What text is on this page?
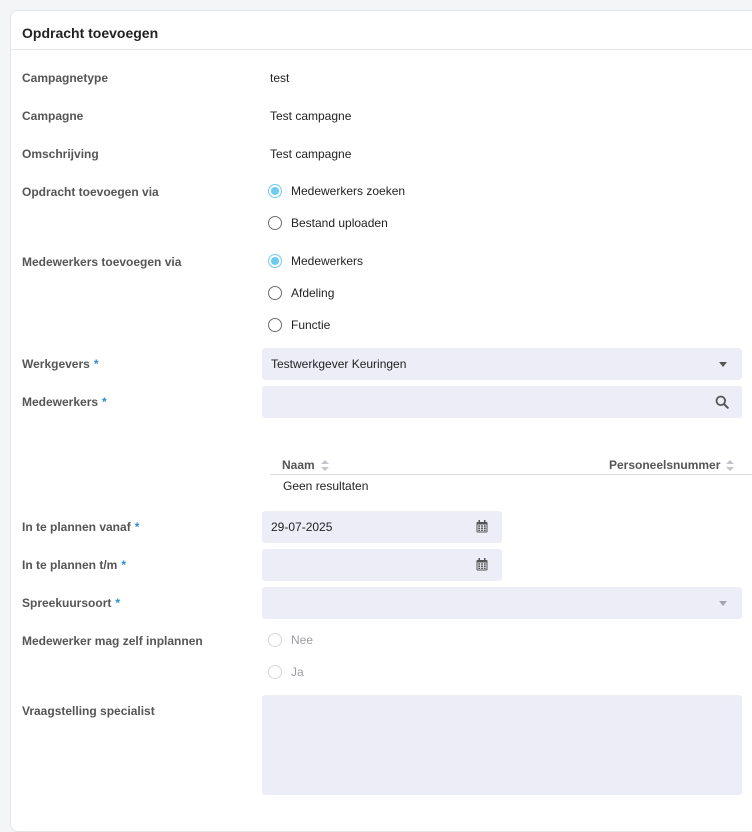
Opdracht toevoegen
Campagnetype	test
Campagne	Test campagne
Omschrijving	Test campagne
Opdracht toevoegen via	Medewerkers zoeken
Bestand uploaden
Medewerkers toevoegen via	Medewerkers
Afdeling
Functie
Werkgevers *	Testwerkgever Keuringen
Medewerkers *
Naam	Personeelsnummer
Geen resultaten
In te plannen vanaf *	29-07-2025
In te plannen t/m *
Spreekuursoort *
Medewerker mag zelf inplannen	Nee
Ja
Vraagstelling specialist
